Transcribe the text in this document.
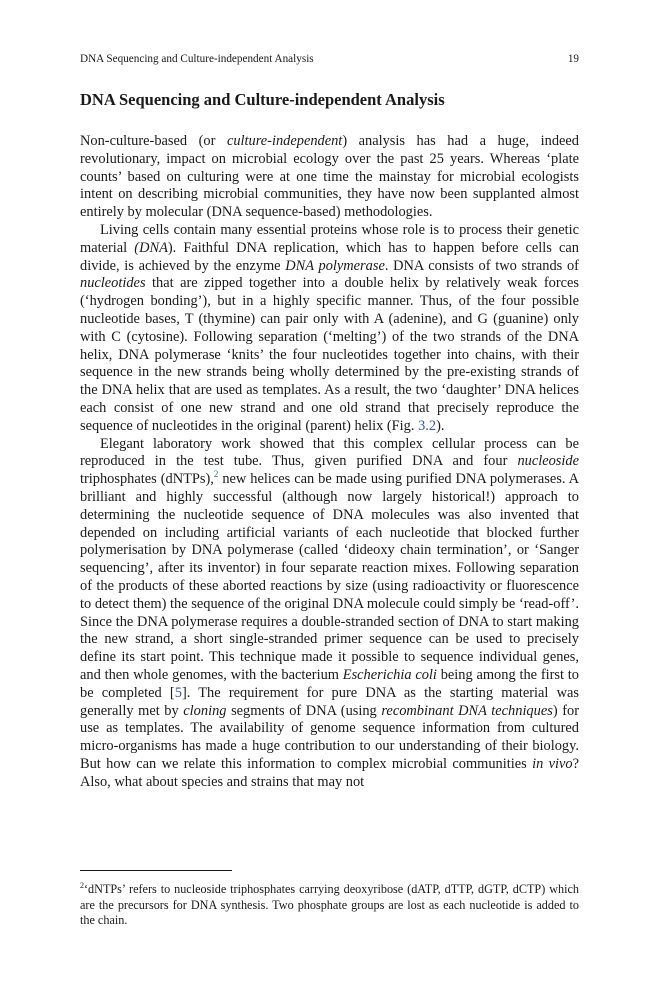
DNA Sequencing and Culture-independent Analysis	19
DNA Sequencing and Culture-independent Analysis

Non-culture-based (or culture-independent) analysis has had a huge, indeed revolutionary, impact on microbial ecology over the past 25 years. Whereas ‘plate counts’ based on culturing were at one time the mainstay for microbial ecologists intent on describing microbial communities, they have now been supplanted almost entirely by molecular (DNA sequence-based) methodologies.

Living cells contain many essential proteins whose role is to process their genetic material (DNA). Faithful DNA replication, which has to happen before cells can divide, is achieved by the enzyme DNA polymerase. DNA consists of two strands of nucleotides that are zipped together into a double helix by relatively weak forces (‘hydrogen bonding’), but in a highly specific manner. Thus, of the four possible nucleotide bases, T (thymine) can pair only with A (adenine), and G (guanine) only with C (cytosine). Following separation (‘melting’) of the two strands of the DNA helix, DNA polymerase ‘knits’ the four nucleotides together into chains, with their sequence in the new strands being wholly determined by the pre-existing strands of the DNA helix that are used as templates. As a result, the two ‘daughter’ DNA helices each consist of one new strand and one old strand that precisely reproduce the sequence of nucleotides in the original (parent) helix (Fig. 3.2).

Elegant laboratory work showed that this complex cellular process can be reproduced in the test tube. Thus, given purified DNA and four nucleoside triphosphates (dNTPs),$^2$ new helices can be made using purified DNA polymerases. A brilliant and highly successful (although now largely historical!) approach to determining the nucleotide sequence of DNA molecules was also invented that depended on including artificial variants of each nucleotide that blocked further polymerisation by DNA polymerase (called ‘dideoxy chain termination’, or ‘Sanger sequencing’, after its inventor) in four separate reaction mixes. Following separation of the products of these aborted reactions by size (using radioactivity or fluorescence to detect them) the sequence of the original DNA molecule could simply be ‘read-off’. Since the DNA polymerase requires a double-stranded section of DNA to start making the new strand, a short single-stranded primer sequence can be used to precisely define its start point. This technique made it possible to sequence individual genes, and then whole genomes, with the bacterium Escherichia coli being among the first to be completed [5]. The requirement for pure DNA as the starting material was generally met by cloning segments of DNA (using recombinant DNA techniques) for use as templates. The availability of genome sequence information from cultured micro-organisms has made a huge contribution to our understanding of their biology. But how can we relate this information to complex microbial communities in vivo? Also, what about species and strains that may not

$^2$‘dNTPs’ refers to nucleoside triphosphates carrying deoxyribose (dATP, dTTP, dGTP, dCTP) which are the precursors for DNA synthesis. Two phosphate groups are lost as each nucleotide is added to the chain.
